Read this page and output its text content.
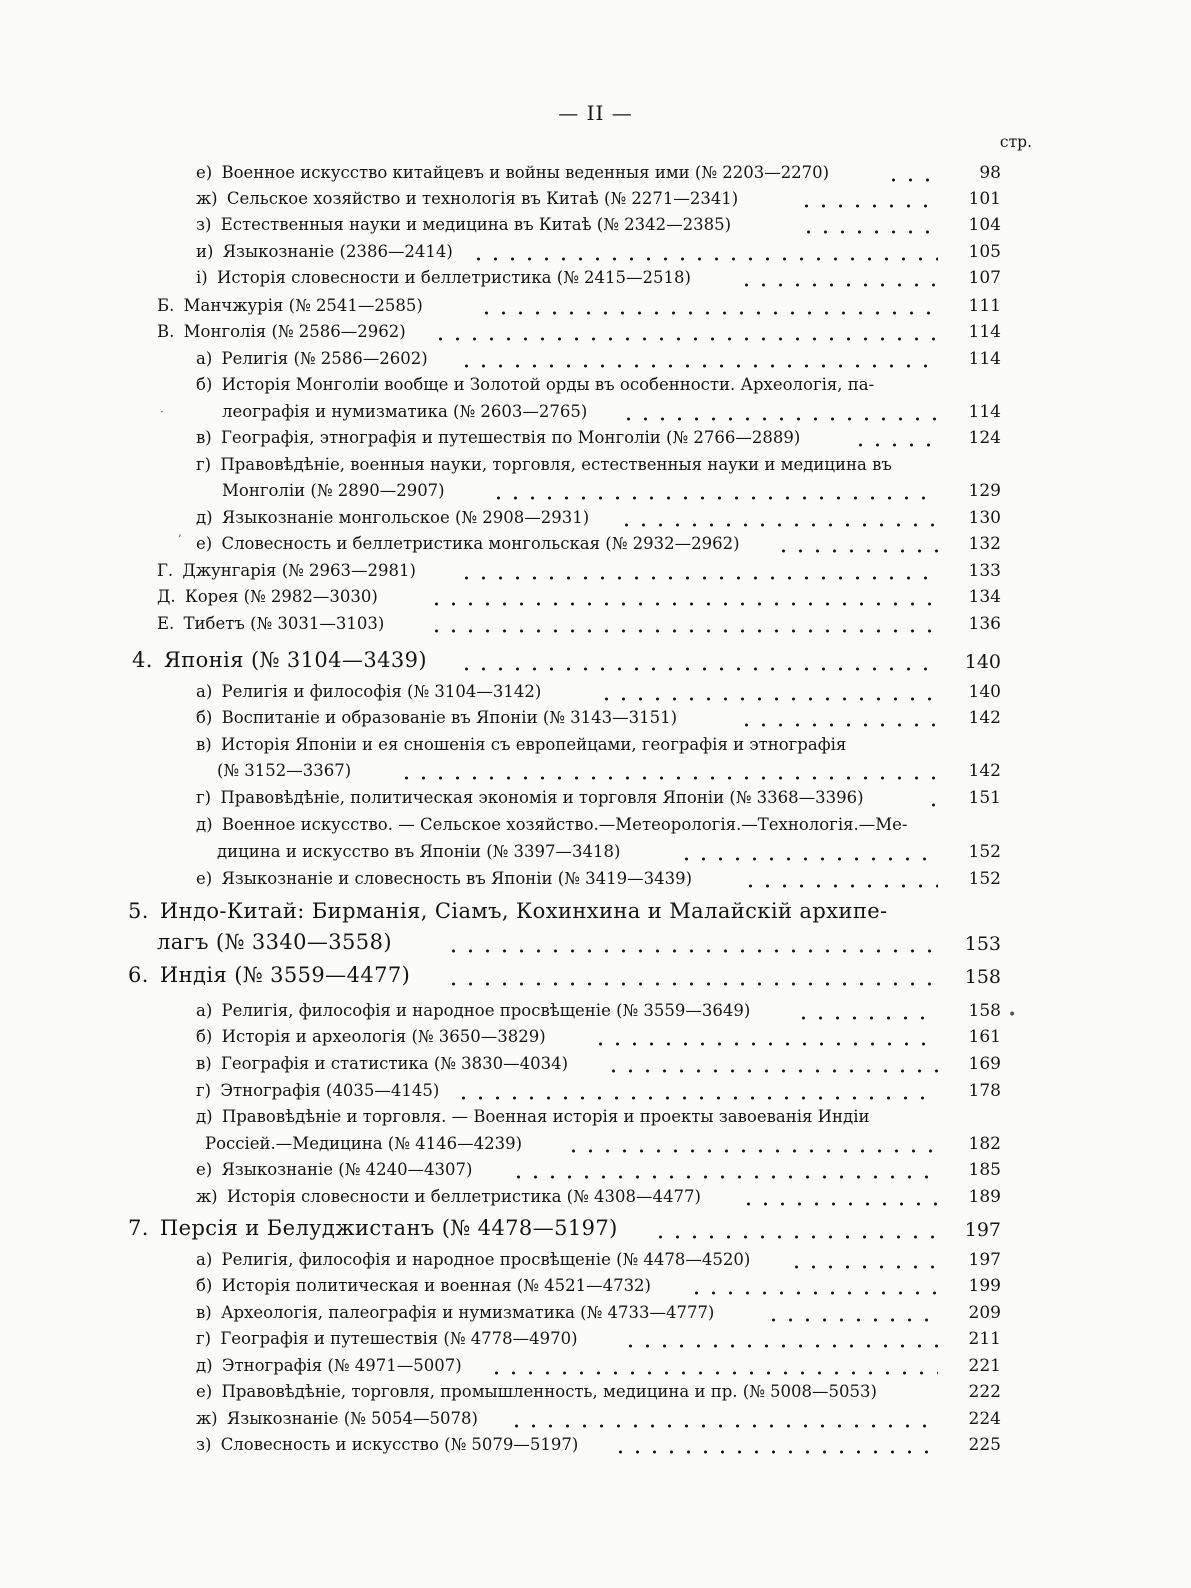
— II —
стр.
е) Военное искусство китайцевъ и войны веденныя ими (№ 2203—2270)	98
ж) Сельское хозяйство и технологія въ Китаѣ (№ 2271—2341)	101
з) Естественныя науки и медицина въ Китаѣ (№ 2342—2385)	104
и) Языкознаніе (2386—2414)	105
і) Исторія словесности и беллетристика (№ 2415—2518)	107
Б. Манчжурія (№ 2541—2585)	111
В. Монголія (№ 2586—2962)	114
а) Религія (№ 2586—2602)	114
б) Исторія Монголіи вообще и Золотой орды въ особенности. Археологія, па-
леографія и нумизматика (№ 2603—2765)	114
в) Географія, этнографія и путешествія по Монголіи (№ 2766—2889)	124
г) Правовѣдѣніе, военныя науки, торговля, естественныя науки и медицина въ
Монголіи (№ 2890—2907)	129
д) Языкознаніе монгольское (№ 2908—2931)	130
е) Словесность и беллетристика монгольская (№ 2932—2962)	132
Г. Джунгарія (№ 2963—2981)	133
Д. Корея (№ 2982—3030)	134
Е. Тибетъ (№ 3031—3103)	136
4. Японія (№ 3104—3439)	140
а) Религія и философія (№ 3104—3142)	140
б) Воспитаніе и образованіе въ Японіи (№ 3143—3151)	142
в) Исторія Японіи и ея сношенія съ европейцами, географія и этнографія
(№ 3152—3367)	142
г) Правовѣдѣніе, политическая экономія и торговля Японіи (№ 3368—3396)	151
д) Военное искусство. — Сельское хозяйство.—Метеорологія.—Технологія.—Ме-
дицина и искусство въ Японіи (№ 3397—3418)	152
е) Языкознаніе и словесность въ Японіи (№ 3419—3439)	152
5. Индо-Китай: Бирманія, Сіамъ, Кохинхина и Малайскій архипе-
лагъ (№ 3340—3558)	153
6. Индія (№ 3559—4477)	158
а) Религія, философія и народное просвѣщеніе (№ 3559—3649)	158
б) Исторія и археологія (№ 3650—3829)	161
в) Географія и статистика (№ 3830—4034)	169
г) Этнографія (4035—4145)	178
д) Правовѣдѣніе и торговля. — Военная исторія и проекты завоеванія Индіи
Россіей.—Медицина (№ 4146—4239)	182
е) Языкознаніе (№ 4240—4307)	185
ж) Исторія словесности и беллетристика (№ 4308—4477)	189
7. Персія и Белуджистанъ (№ 4478—5197)	197
а) Религія, философія и народное просвѣщеніе (№ 4478—4520)	197
б) Исторія политическая и военная (№ 4521—4732)	199
в) Археологія, палеографія и нумизматика (№ 4733—4777)	209
г) Географія и путешествія (№ 4778—4970)	211
д) Этнографія (№ 4971—5007)	221
е) Правовѣдѣніе, торговля, промышленность, медицина и пр. (№ 5008—5053)	222
ж) Языкознаніе (№ 5054—5078)	224
з) Словесность и искусство (№ 5079—5197)	225
·
,
•
